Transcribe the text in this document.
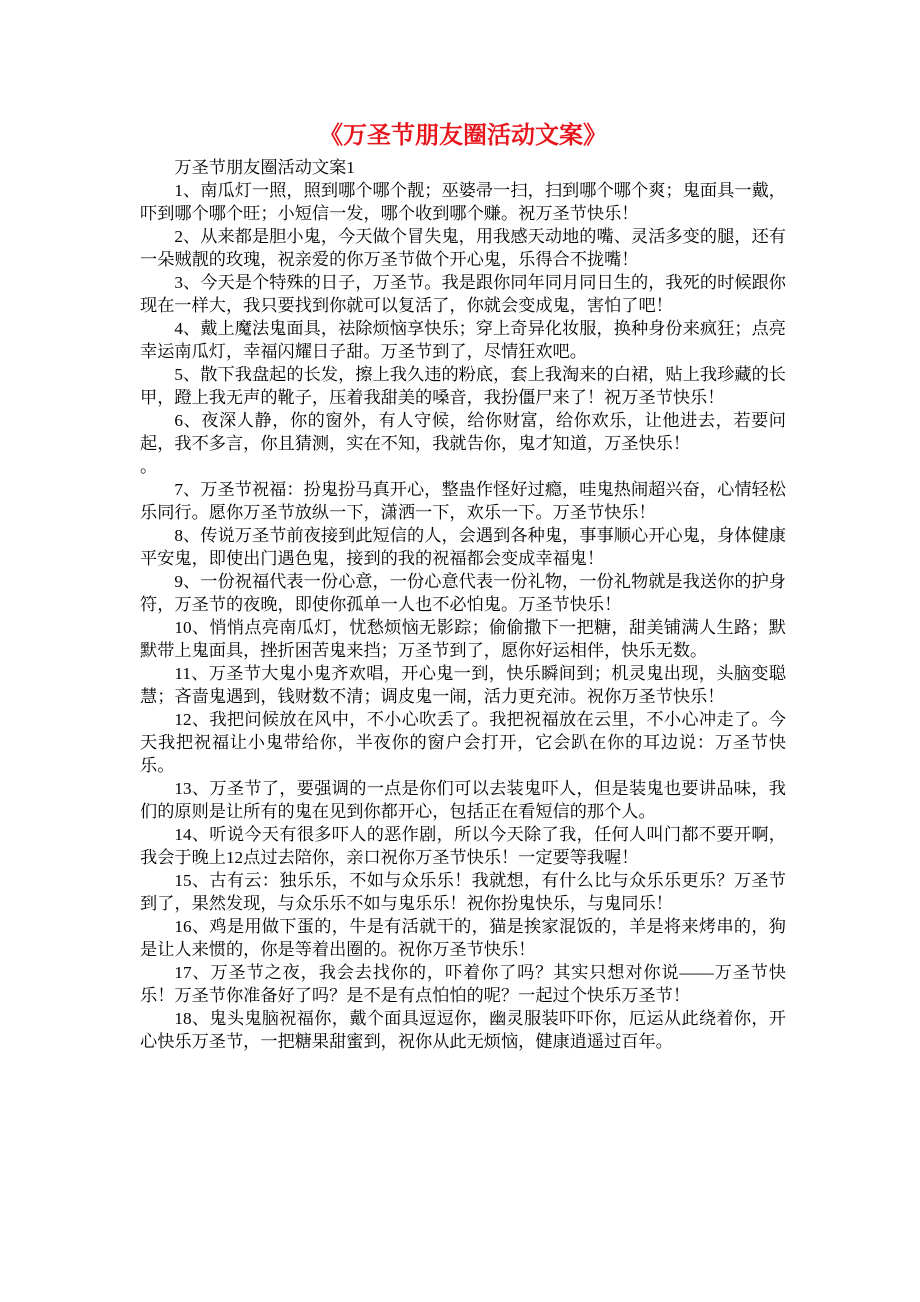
《万圣节朋友圈活动文案》

万圣节朋友圈活动文案1

1、南瓜灯一照，照到哪个哪个靓；巫婆帚一扫，扫到哪个哪个爽；鬼面具一戴，吓到哪个哪个旺；小短信一发，哪个收到哪个赚。祝万圣节快乐！

2、从来都是胆小鬼，今天做个冒失鬼，用我感天动地的嘴、灵活多变的腿，还有一朵贼靓的玫瑰，祝亲爱的你万圣节做个开心鬼，乐得合不拢嘴！

3、今天是个特殊的日子，万圣节。我是跟你同年同月同日生的，我死的时候跟你现在一样大，我只要找到你就可以复活了，你就会变成鬼，害怕了吧！

4、戴上魔法鬼面具，祛除烦恼享快乐；穿上奇异化妆服，换种身份来疯狂；点亮幸运南瓜灯，幸福闪耀日子甜。万圣节到了，尽情狂欢吧。

5、散下我盘起的长发，擦上我久违的粉底，套上我淘来的白裙，贴上我珍藏的长甲，蹬上我无声的靴子，压着我甜美的嗓音，我扮僵尸来了！祝万圣节快乐！

6、夜深人静，你的窗外，有人守候，给你财富，给你欢乐，让他进去，若要问起，我不多言，你且猜测，实在不知，我就告你，鬼才知道，万圣快乐！

。

7、万圣节祝福：扮鬼扮马真开心，整蛊作怪好过瘾，哇鬼热闹超兴奋，心情轻松乐同行。愿你万圣节放纵一下，潇洒一下，欢乐一下。万圣节快乐！

8、传说万圣节前夜接到此短信的人，会遇到各种鬼，事事顺心开心鬼，身体健康平安鬼，即使出门遇色鬼，接到的我的祝福都会变成幸福鬼！

9、一份祝福代表一份心意，一份心意代表一份礼物，一份礼物就是我送你的护身符，万圣节的夜晚，即使你孤单一人也不必怕鬼。万圣节快乐！

10、悄悄点亮南瓜灯，忧愁烦恼无影踪；偷偷撒下一把糖，甜美铺满人生路；默默带上鬼面具，挫折困苦鬼来挡；万圣节到了，愿你好运相伴，快乐无数。

11、万圣节大鬼小鬼齐欢唱，开心鬼一到，快乐瞬间到；机灵鬼出现，头脑变聪慧；吝啬鬼遇到，钱财数不清；调皮鬼一闹，活力更充沛。祝你万圣节快乐！

12、我把问候放在风中，不小心吹丢了。我把祝福放在云里，不小心冲走了。今天我把祝福让小鬼带给你，半夜你的窗户会打开，它会趴在你的耳边说：万圣节快乐。

13、万圣节了，要强调的一点是你们可以去装鬼吓人，但是装鬼也要讲品味，我们的原则是让所有的鬼在见到你都开心，包括正在看短信的那个人。

14、听说今天有很多吓人的恶作剧，所以今天除了我，任何人叫门都不要开啊，我会于晚上12点过去陪你，亲口祝你万圣节快乐！一定要等我喔！

15、古有云：独乐乐，不如与众乐乐！我就想，有什么比与众乐乐更乐？万圣节到了，果然发现，与众乐乐不如与鬼乐乐！祝你扮鬼快乐，与鬼同乐！

16、鸡是用做下蛋的，牛是有活就干的，猫是挨家混饭的，羊是将来烤串的，狗是让人来惯的，你是等着出圈的。祝你万圣节快乐！

17、万圣节之夜，我会去找你的，吓着你了吗？其实只想对你说——万圣节快乐！万圣节你准备好了吗？是不是有点怕怕的呢？一起过个快乐万圣节！

18、鬼头鬼脑祝福你，戴个面具逗逗你，幽灵服装吓吓你，厄运从此绕着你，开心快乐万圣节，一把糖果甜蜜到，祝你从此无烦恼，健康逍遥过百年。
